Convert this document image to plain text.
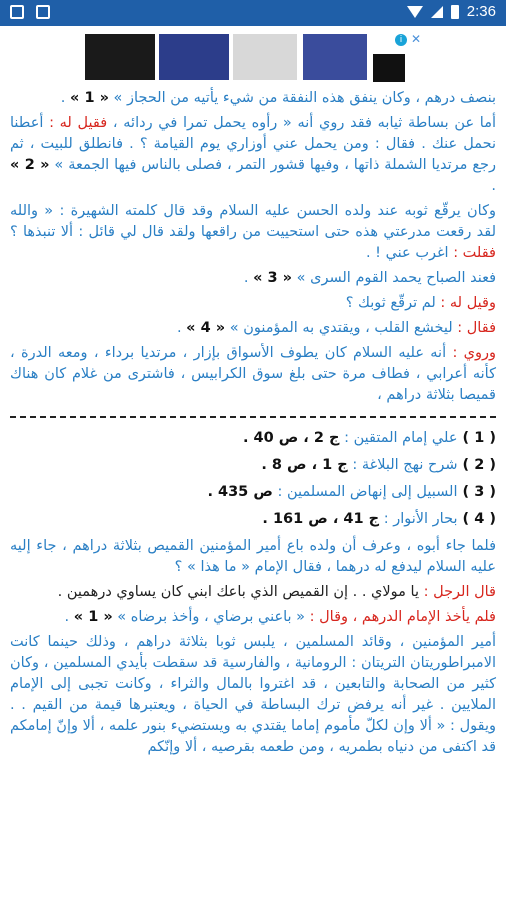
2:36
i ✕

بنصف درهم ، وكان ينفق هذه النفقة من شيء يأتيه من الحجاز » « 1 » .

أما عن بساطة ثيابه فقد روي أنه « رأوه يحمل تمرا في ردائه ، فقيل له : أعطنا نحمل عنك . فقال : ومن يحمل عني أوزاري يوم القيامة ؟ . فانطلق للبيت ، ثم رجع مرتديا الشملة ذاتها ، وفيها قشور التمر ، فصلى بالناس فيها الجمعة » « 2 » .

وكان يرقّع ثوبه عند ولده الحسن عليه السلام وقد قال كلمته الشهيرة : « والله لقد رقعت مدرعتي هذه حتى استحييت من راقعها ولقد قال لي قائل : ألا تنبذها ؟ فقلت : اغرب عني ! .

فعند الصباح يحمد القوم السرى » « 3 » .

وقيل له : لم ترقّع ثوبك ؟

فقال : ليخشع القلب ، ويقتدي به المؤمنون » « 4 » .

وروي : أنه عليه السلام كان يطوف الأسواق بإزار ، مرتديا برداء ، ومعه الدرة ، كأنه أعرابي ، فطاف مرة حتى بلغ سوق الكرابيس ، فاشترى من غلام كان هناك قميصا بثلاثة دراهم ،

( 1 ) علي إمام المتقين : ج 2 ، ص 40 .

( 2 ) شرح نهج البلاغة : ج 1 ، ص 8 .

( 3 ) السبيل إلى إنهاض المسلمين : ص 435 .

( 4 ) بحار الأنوار : ج 41 ، ص 161 .

فلما جاء أبوه ، وعرف أن ولده باع أمير المؤمنين القميص بثلاثة دراهم ، جاء إليه عليه السلام ليدفع له درهما ، فقال الإمام « ما هذا » ؟

قال الرجل : يا مولاي . . إن القميص الذي باعك ابني كان يساوي درهمين .

فلم يأخذ الإمام الدرهم ، وقال : « باعني برضاي ، وأخذ برضاه » « 1 » .

أمير المؤمنين ، وقائد المسلمين ، يلبس ثوبا بثلاثة دراهم ، وذلك حينما كانت الامبراطوريتان التريتان : الرومانية ، والفارسية قد سقطت بأيدي المسلمين ، وكان كثير من الصحابة والتابعين ، قد اغتروا بالمال والثراء ، وكانت تجبى إلى الإمام الملايين . غير أنه يرفض ترك البساطة في الحياة ، ويعتبرها قيمة من القيم . . ويقول : « ألا وإن لكلّ مأموم إماما يقتدي به ويستضيء بنور علمه ، ألا وإنّ إمامكم قد اكتفى من دنياه بطمريه ، ومن طعمه بقرصيه ، ألا وإنّكم
